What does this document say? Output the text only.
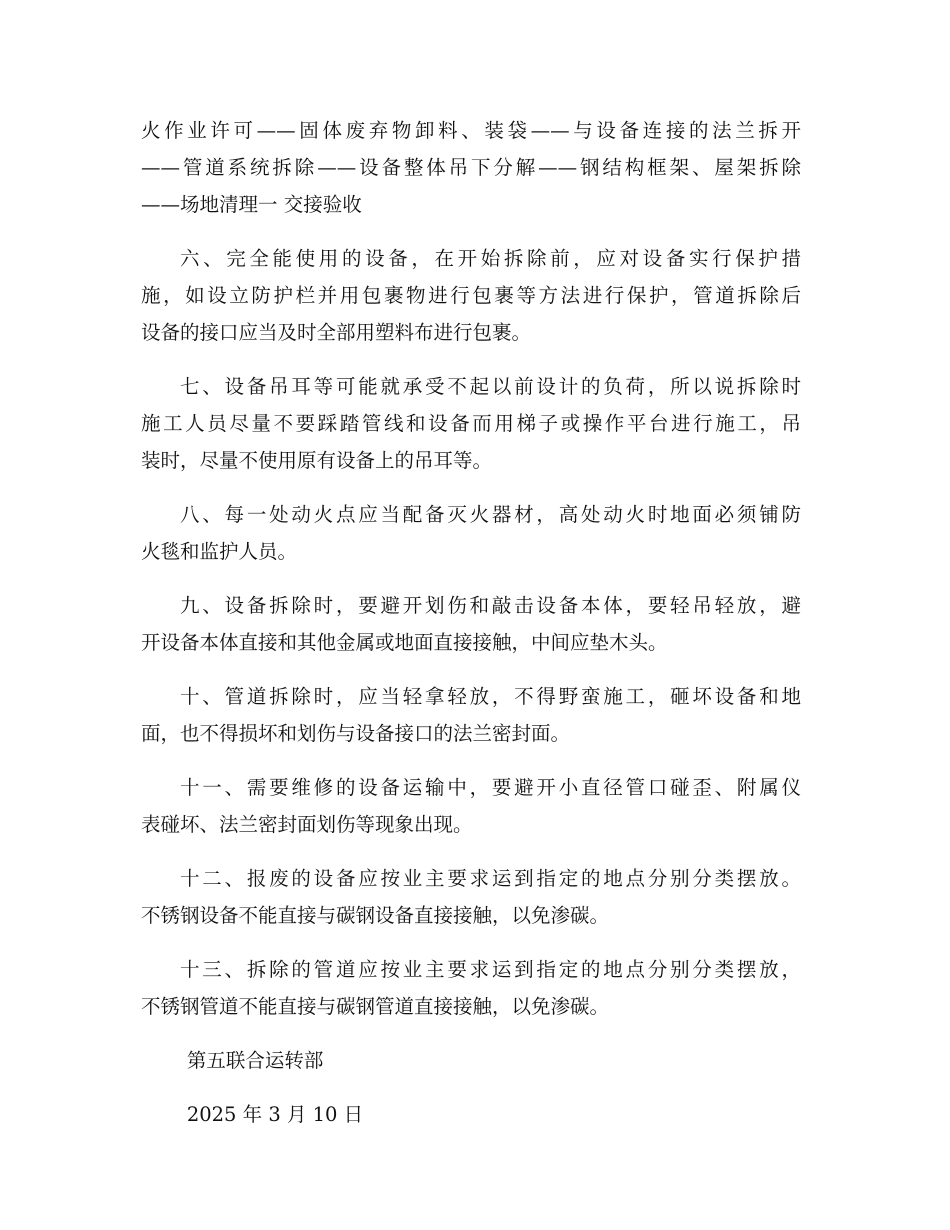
火作业许可——固体废弃物卸料、装袋——与设备连接的法兰拆开
——管道系统拆除——设备整体吊下分解——钢结构框架、屋架拆除
——场地清理一 交接验收

六、完全能使用的设备，在开始拆除前，应对设备实行保护措
施，如设立防护栏并用包裹物进行包裹等方法进行保护，管道拆除后
设备的接口应当及时全部用塑料布进行包裹。

七、设备吊耳等可能就承受不起以前设计的负荷，所以说拆除时
施工人员尽量不要踩踏管线和设备而用梯子或操作平台进行施工，吊
装时，尽量不使用原有设备上的吊耳等。

八、每一处动火点应当配备灭火器材，高处动火时地面必须铺防
火毯和监护人员。

九、设备拆除时，要避开划伤和敲击设备本体，要轻吊轻放，避
开设备本体直接和其他金属或地面直接接触，中间应垫木头。

十、管道拆除时，应当轻拿轻放，不得野蛮施工，砸坏设备和地
面，也不得损坏和划伤与设备接口的法兰密封面。

十一、需要维修的设备运输中，要避开小直径管口碰歪、附属仪
表碰坏、法兰密封面划伤等现象出现。

十二、报废的设备应按业主要求运到指定的地点分别分类摆放。
不锈钢设备不能直接与碳钢设备直接接触，以免渗碳。

十三、拆除的管道应按业主要求运到指定的地点分别分类摆放，
不锈钢管道不能直接与碳钢管道直接接触，以免渗碳。

第五联合运转部

2025 年 3 月 10 日
